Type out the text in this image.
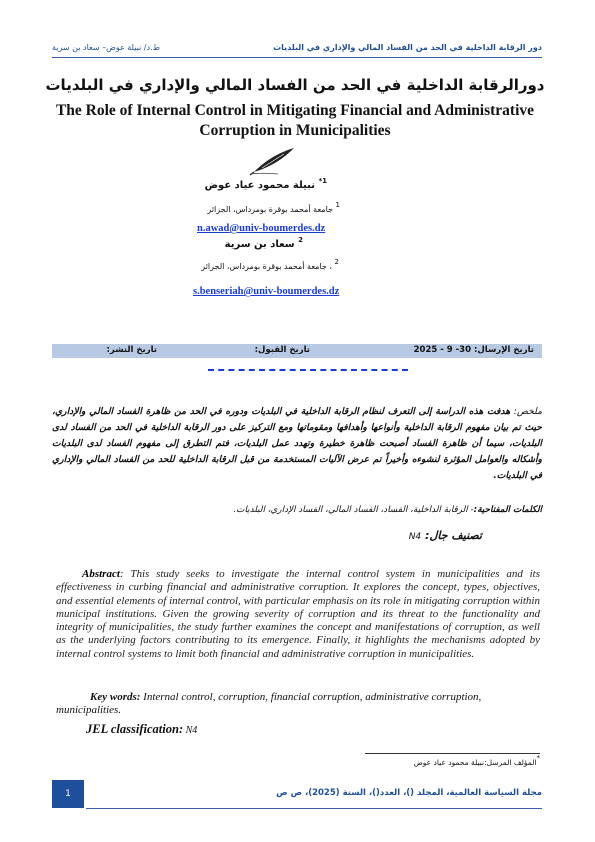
دور الرقابة الداخلية في الحد من الفساد المالي والإداري في البلديات
ط.د/ نبيلة عوض– سعاد بن سرية
دورالرقابة الداخلية في الحد من الفساد المالي والإداري في البلديات
The Role of Internal Control in Mitigating Financial and Administrative Corruption in Municipalities
$^{1*}$ نبيلة محمود عياد عوض
1 جامعة أمحمد بوقرة بومرداس، الجزائر
n.awad@univ-boumerdes.dz
$^2$ سعاد بن سرية
2 ، جامعة أمحمد بوقرة بومرداس، الجزائر
s.benseriah@univ-boumerdes.dz
تاريخ الإرسال: 30- 9 - 2025
تاريخ القبول:
تاريخ النشر:
ملخص: هدفت هذه الدراسة إلى التعرف لنظام الرقابة الداخلية في البلديات ودوره في الحد من ظاهرة الفساد المالي والإداري، حيث تم بيان مفهوم الرقابة الداخلية وأنواعها وأهدافها ومقوماتها ومع التركيز على دور الرقابة الداخلية في الحد من الفساد لدى البلديات، سيما أن ظاهرة الفساد أصبحت ظاهرة خطيرة وتهدد عمل البلديات، فتم التطرق إلى مفهوم الفساد لدى البلديات وأشكاله والعوامل المؤثرة لنشوءه وأخيراً تم عرض الآليات المستخدمة من قبل الرقابة الداخلية للحد من الفساد المالي والإداري في البلديات.
الكلمات المفتاحية:- الرقابة الداخلية، الفساد، الفساد المالي، الفساد الإداري، البلديات.
تصنيف جال: N4
Abstract: This study seeks to investigate the internal control system in municipalities and its effectiveness in curbing financial and administrative corruption. It explores the concept, types, objectives, and essential elements of internal control, with particular emphasis on its role in mitigating corruption within municipal institutions. Given the growing severity of corruption and its threat to the functionality and integrity of municipalities, the study further examines the concept and manifestations of corruption, as well as the underlying factors contributing to its emergence. Finally, it highlights the mechanisms adopted by internal control systems to limit both financial and administrative corruption in municipalities.
Key words: Internal control, corruption, financial corruption, administrative corruption, municipalities.
JEL classification: N4
*المؤلف المرسل:نبيلة محمود عياد عوض
1	مجلة السياسة العالمية، المجلد ()، العدد()، السنة (2025)، ص ص
